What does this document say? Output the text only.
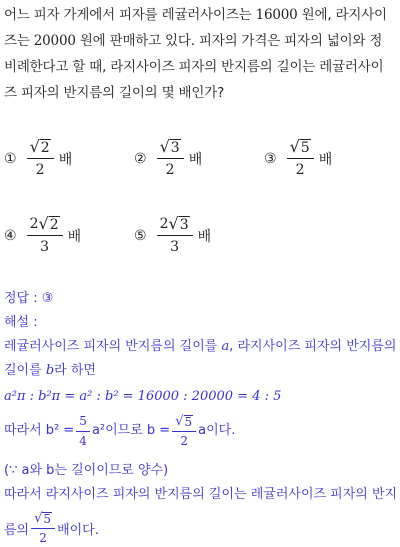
어느 피자 가게에서 피자를 레귤러사이즈는 16000 원에, 라지사이
즈는 20000 원에 판매하고 있다. 피자의 가격은 피자의 넓이와 정
비례한다고 할 때, 라지사이즈 피자의 반지름의 길이는 레귤러사이
즈 피자의 반지름의 길이의 몇 배인가?
① $\frac{√ 2}{2}$ 배	② $\frac{√ 3}{2}$ 배	③ $\frac{√ 5}{2}$ 배
④ $\frac{2 √ 2}{3}$ 배	⑤ $\frac{2 √ 3}{3}$ 배
정답 : ③
해설 :
레귤러사이즈 피자의 반지름의 길이를 a, 라지사이즈 피자의 반지름의
길이를 b라 하면
a²π : b²π = a² : b² = 16000 : 20000 = 4 : 5
따라서 $b^2 = \frac{5}{4} a^2$이므로 $b = \frac{√ 5}{2}$ a이다.
(∵ a와 b는 길이이므로 양수)
따라서 라지사이즈 피자의 반지름의 길이는 레귤러사이즈 피자의 반지
름의 $\frac{√ 5}{2}$ 배이다.
